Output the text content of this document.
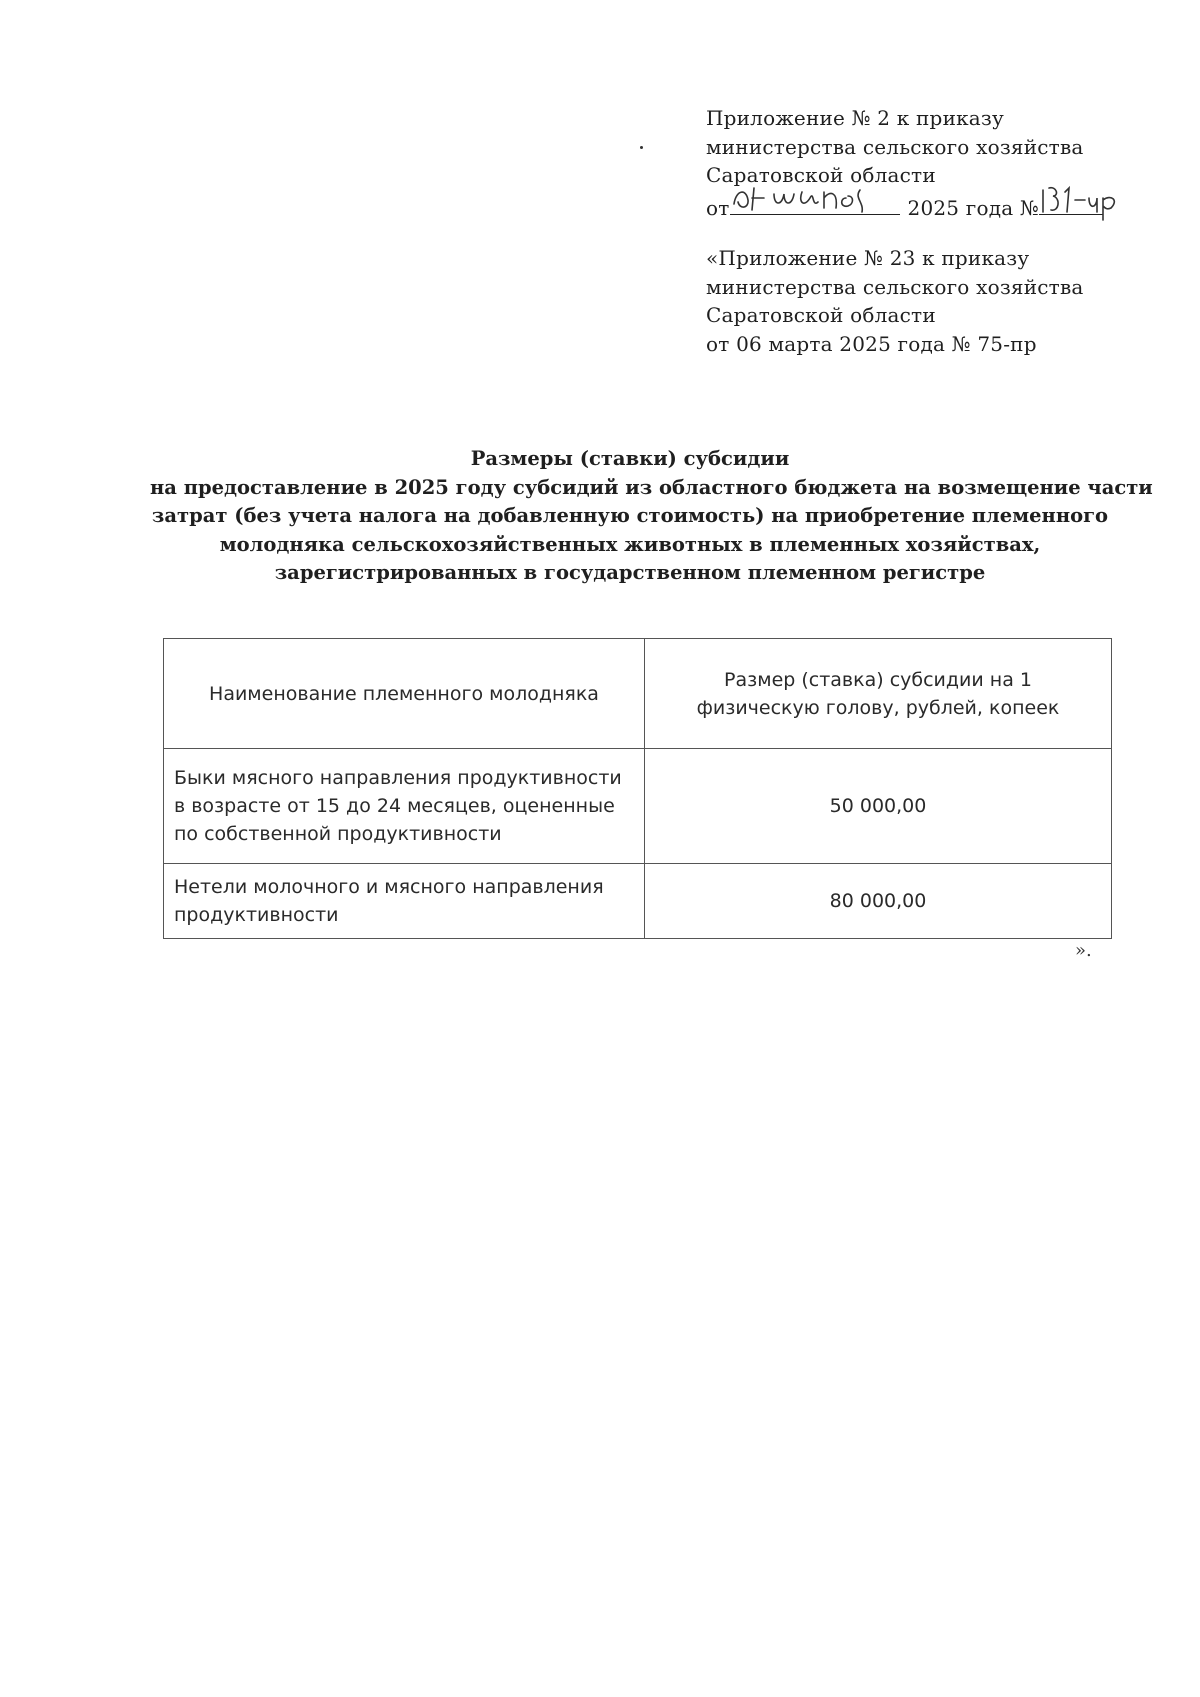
Приложение № 2 к приказу
министерства сельского хозяйства
Саратовской области
от	2025 года №
«Приложение № 23 к приказу
министерства сельского хозяйства
Саратовской области
от 06 марта 2025 года № 75-пр
Размеры (ставки) субсидии
на предоставление в 2025 году субсидий из областного бюджета на возмещение части
затрат (без учета налога на добавленную стоимость) на приобретение племенного
молодняка сельскохозяйственных животных в племенных хозяйствах,
зарегистрированных в государственном племенном регистре
Наименование племенного молодняка	Размер (ставка) субсидии на 1 физическую голову, рублей, копеек
Быки мясного направления продуктивности в возрасте от 15 до 24 месяцев, оцененные по собственной продуктивности	50 000,00
Нетели молочного и мясного направления продуктивности	80 000,00
».
